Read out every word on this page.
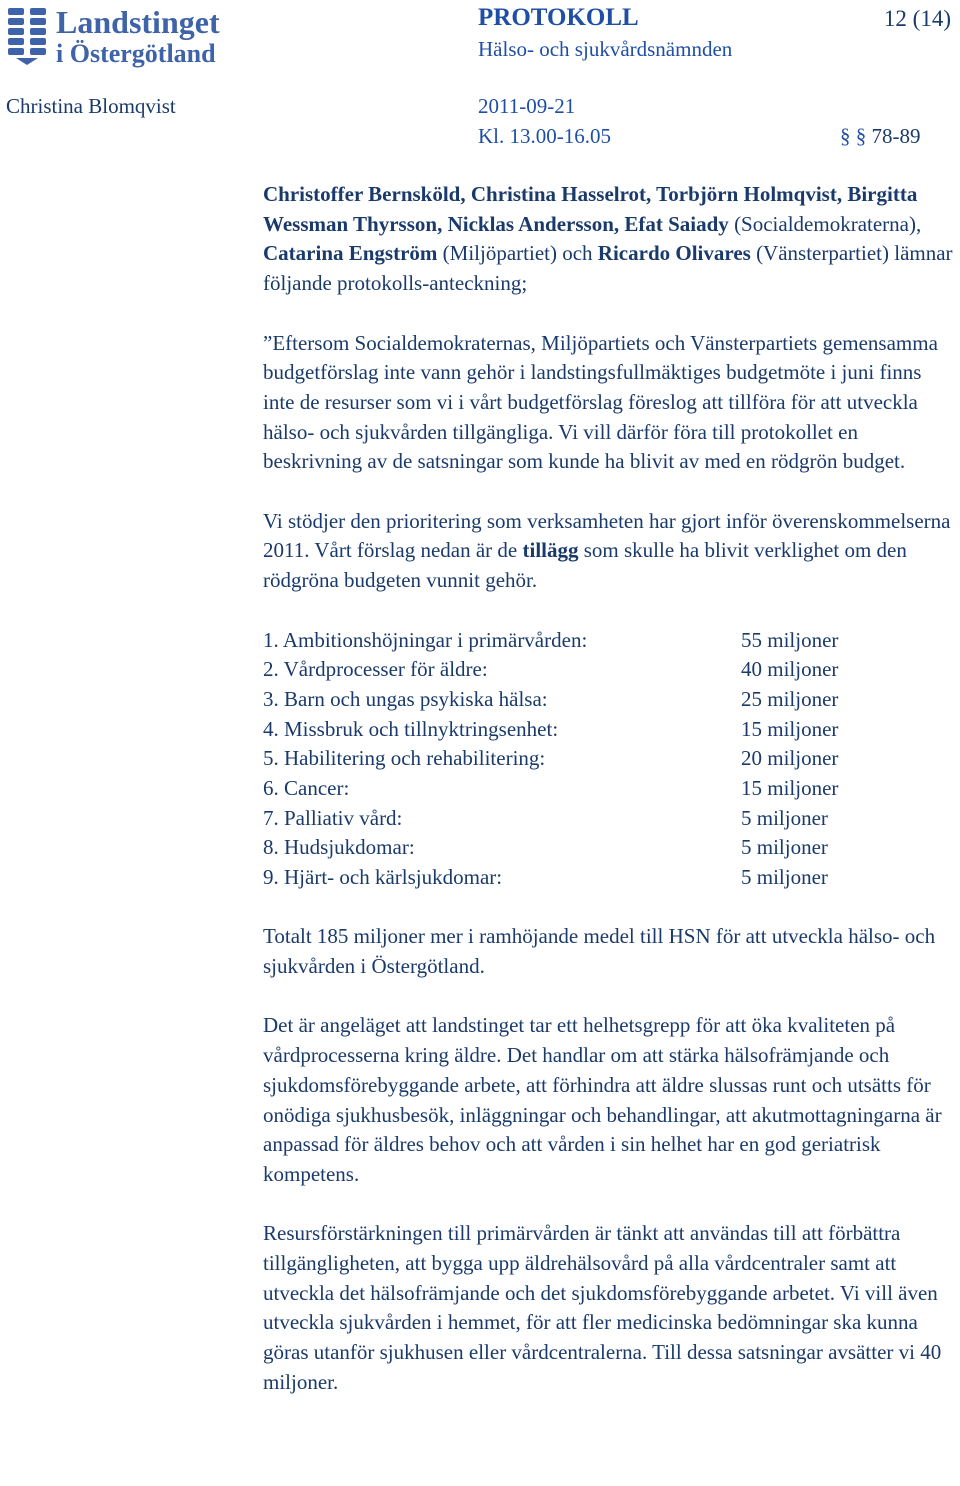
Landstinget
i Östergötland
PROTOKOLL	12 (14)
Hälso- och sjukvårdsnämnden
Christina Blomqvist	2011-09-21
Kl. 13.00-16.05	§ § 78-89

Christoffer Bernsköld, Christina Hasselrot, Torbjörn Holmqvist, Birgitta Wessman Thyrsson, Nicklas Andersson, Efat Saiady (Socialdemokraterna), Catarina Engström (Miljöpartiet) och Ricardo Olivares (Vänsterpartiet) lämnar följande protokolls-anteckning;

”Eftersom Socialdemokraternas, Miljöpartiets och Vänsterpartiets gemensamma budgetförslag inte vann gehör i landstingsfullmäktiges budgetmöte i juni finns inte de resurser som vi i vårt budgetförslag föreslog att tillföra för att utveckla hälso- och sjukvården tillgängliga. Vi vill därför föra till protokollet en beskrivning av de satsningar som kunde ha blivit av med en rödgrön budget.

Vi stödjer den prioritering som verksamheten har gjort inför överenskommelserna 2011. Vårt förslag nedan är de tillägg som skulle ha blivit verklighet om den rödgröna budgeten vunnit gehör.

1. Ambitionshöjningar i primärvården:	55 miljoner
2. Vårdprocesser för äldre:	40 miljoner
3. Barn och ungas psykiska hälsa:	25 miljoner
4. Missbruk och tillnyktringsenhet:	15 miljoner
5. Habilitering och rehabilitering:	20 miljoner
6. Cancer:	15 miljoner
7. Palliativ vård:	5 miljoner
8. Hudsjukdomar:	5 miljoner
9. Hjärt- och kärlsjukdomar:	5 miljoner

Totalt 185 miljoner mer i ramhöjande medel till HSN för att utveckla hälso- och sjukvården i Östergötland.

Det är angeläget att landstinget tar ett helhetsgrepp för att öka kvaliteten på vårdprocesserna kring äldre. Det handlar om att stärka hälsofrämjande och sjukdomsförebyggande arbete, att förhindra att äldre slussas runt och utsätts för onödiga sjukhusbesök, inläggningar och behandlingar, att akutmottagningarna är anpassad för äldres behov och att vården i sin helhet har en god geriatrisk kompetens.

Resursförstärkningen till primärvården är tänkt att användas till att förbättra tillgängligheten, att bygga upp äldrehälsovård på alla vårdcentraler samt att utveckla det hälsofrämjande och det sjukdomsförebyggande arbetet. Vi vill även utveckla sjukvården i hemmet, för att fler medicinska bedömningar ska kunna göras utanför sjukhusen eller vårdcentralerna. Till dessa satsningar avsätter vi 40 miljoner.
